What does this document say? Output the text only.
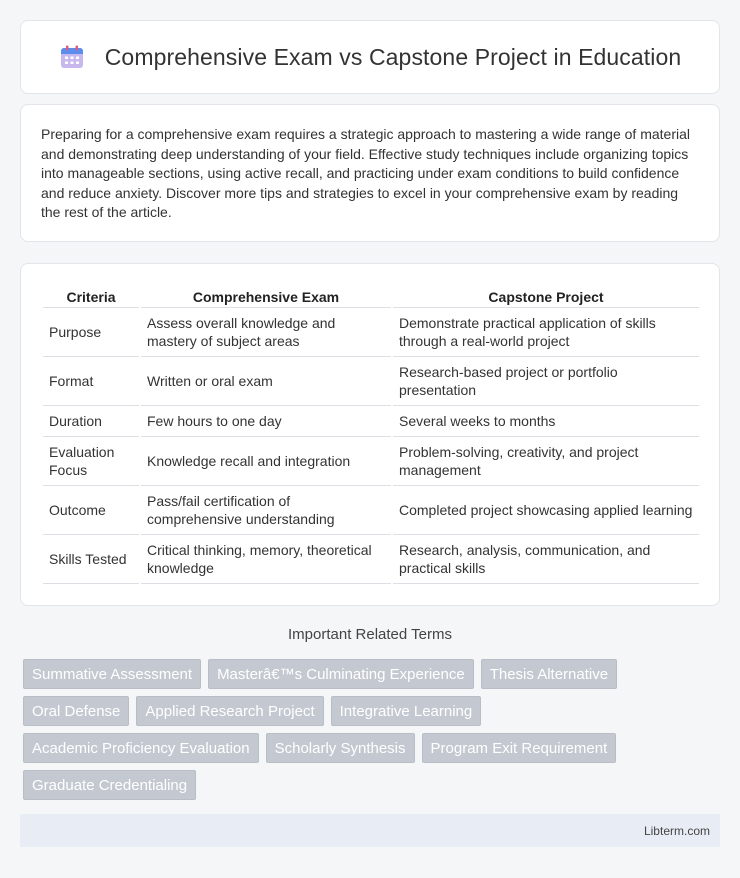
Comprehensive Exam vs Capstone Project in Education

Preparing for a comprehensive exam requires a strategic approach to mastering a wide range of material and demonstrating deep understanding of your field. Effective study techniques include organizing topics into manageable sections, using active recall, and practicing under exam conditions to build confidence and reduce anxiety. Discover more tips and strategies to excel in your comprehensive exam by reading the rest of the article.

Criteria	Comprehensive Exam	Capstone Project
Purpose	Assess overall knowledge and mastery of subject areas	Demonstrate practical application of skills through a real-world project
Format	Written or oral exam	Research-based project or portfolio presentation
Duration	Few hours to one day	Several weeks to months
Evaluation Focus	Knowledge recall and integration	Problem-solving, creativity, and project management
Outcome	Pass/fail certification of comprehensive understanding	Completed project showcasing applied learning
Skills Tested	Critical thinking, memory, theoretical knowledge	Research, analysis, communication, and practical skills
Important Related Terms
Summative Assessment	Masterâ€™s Culminating Experience	Thesis Alternative
Oral Defense	Applied Research Project	Integrative Learning
Academic Proficiency Evaluation	Scholarly Synthesis	Program Exit Requirement
Graduate Credentialing
Libterm.com
